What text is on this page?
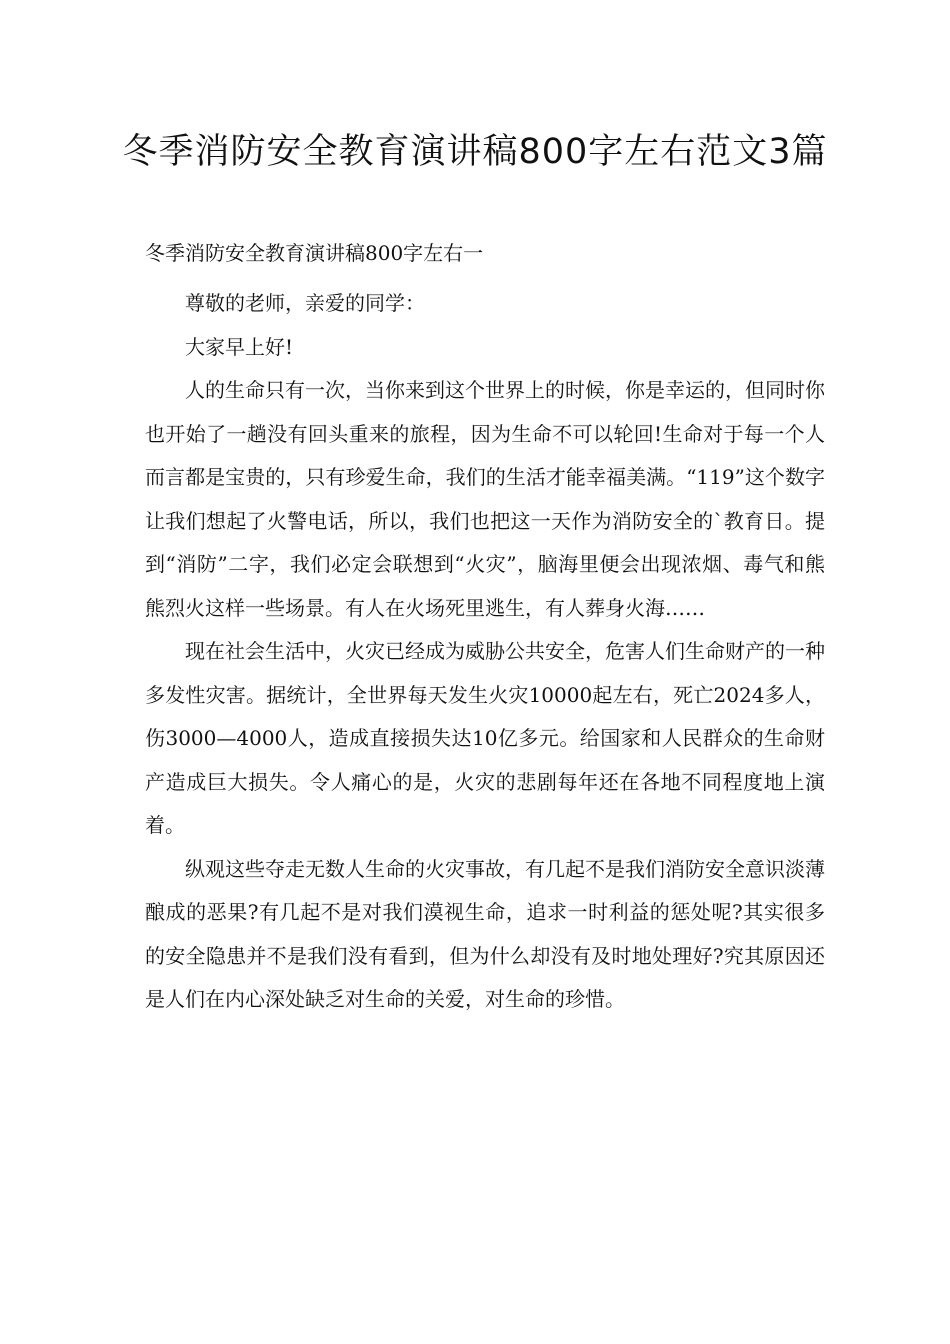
冬季消防安全教育演讲稿800字左右范文3篇
冬季消防安全教育演讲稿800字左右一

尊敬的老师，亲爱的同学：

大家早上好!

人的生命只有一次，当你来到这个世界上的时候，你是幸运的，但同时你也开始了一趟没有回头重来的旅程，因为生命不可以轮回!生命对于每一个人而言都是宝贵的，只有珍爱生命，我们的生活才能幸福美满。“119”这个数字让我们想起了火警电话，所以，我们也把这一天作为消防安全的`教育日。提到“消防”二字，我们必定会联想到“火灾”，脑海里便会出现浓烟、毒气和熊熊烈火这样一些场景。有人在火场死里逃生，有人葬身火海……

现在社会生活中，火灾已经成为威胁公共安全，危害人们生命财产的一种多发性灾害。据统计，全世界每天发生火灾10000起左右，死亡2024多人，伤3000—4000人，造成直接损失达10亿多元。给国家和人民群众的生命财产造成巨大损失。令人痛心的是，火灾的悲剧每年还在各地不同程度地上演着。

纵观这些夺走无数人生命的火灾事故，有几起不是我们消防安全意识淡薄酿成的恶果?有几起不是对我们漠视生命，追求一时利益的惩处呢?其实很多的安全隐患并不是我们没有看到，但为什么却没有及时地处理好?究其原因还是人们在内心深处缺乏对生命的关爱，对生命的珍惜。
